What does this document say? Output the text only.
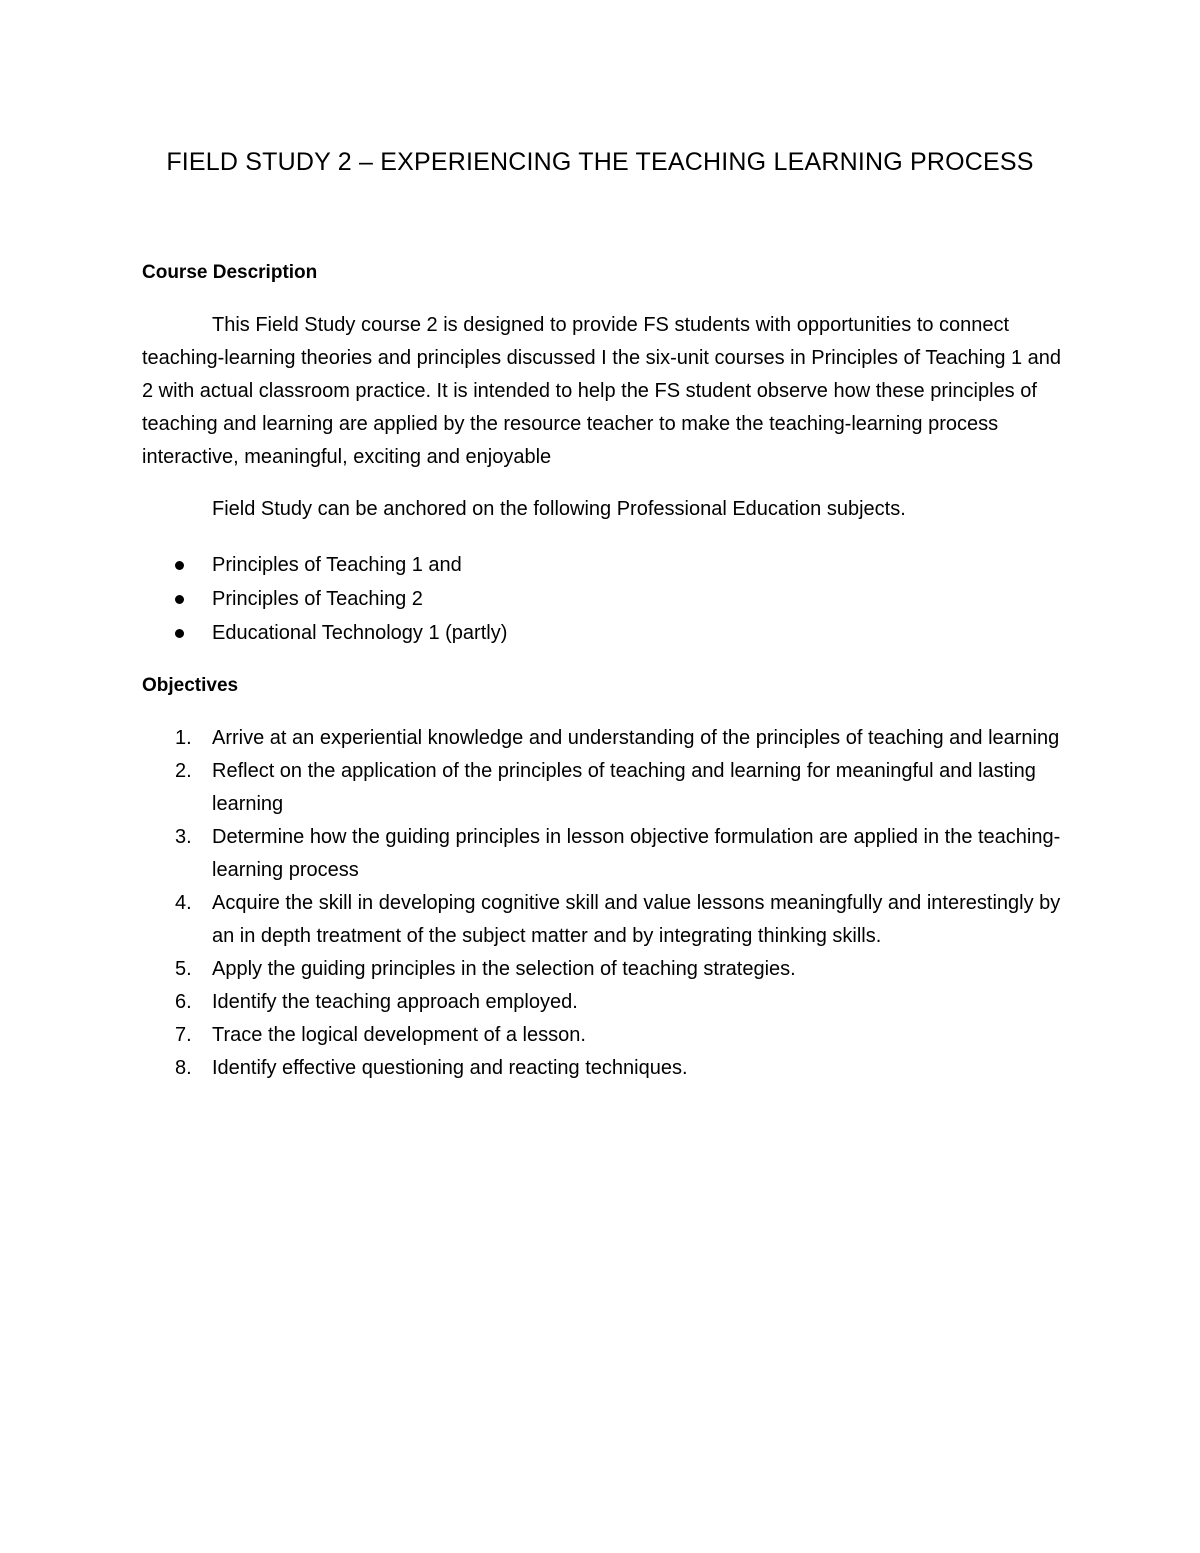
FIELD STUDY 2 – EXPERIENCING THE TEACHING LEARNING PROCESS
Course Description

This Field Study course 2 is designed to provide FS students with opportunities to connect teaching-learning theories and principles discussed I the six-unit courses in Principles of Teaching 1 and 2 with actual classroom practice. It is intended to help the FS student observe how these principles of teaching and learning are applied by the resource teacher to make the teaching-learning process interactive, meaningful, exciting and enjoyable

Field Study can be anchored on the following Professional Education subjects.

Principles of Teaching 1 and
Principles of Teaching 2
Educational Technology 1 (partly)
Objectives
1. Arrive at an experiential knowledge and understanding of the principles of teaching and learning
2. Reflect on the application of the principles of teaching and learning for meaningful and lasting learning
3. Determine how the guiding principles in lesson objective formulation are applied in the teaching-learning process
4. Acquire the skill in developing cognitive skill and value lessons meaningfully and interestingly by an in depth treatment of the subject matter and by integrating thinking skills.
5. Apply the guiding principles in the selection of teaching strategies.
6. Identify the teaching approach employed.
7. Trace the logical development of a lesson.
8. Identify effective questioning and reacting techniques.
